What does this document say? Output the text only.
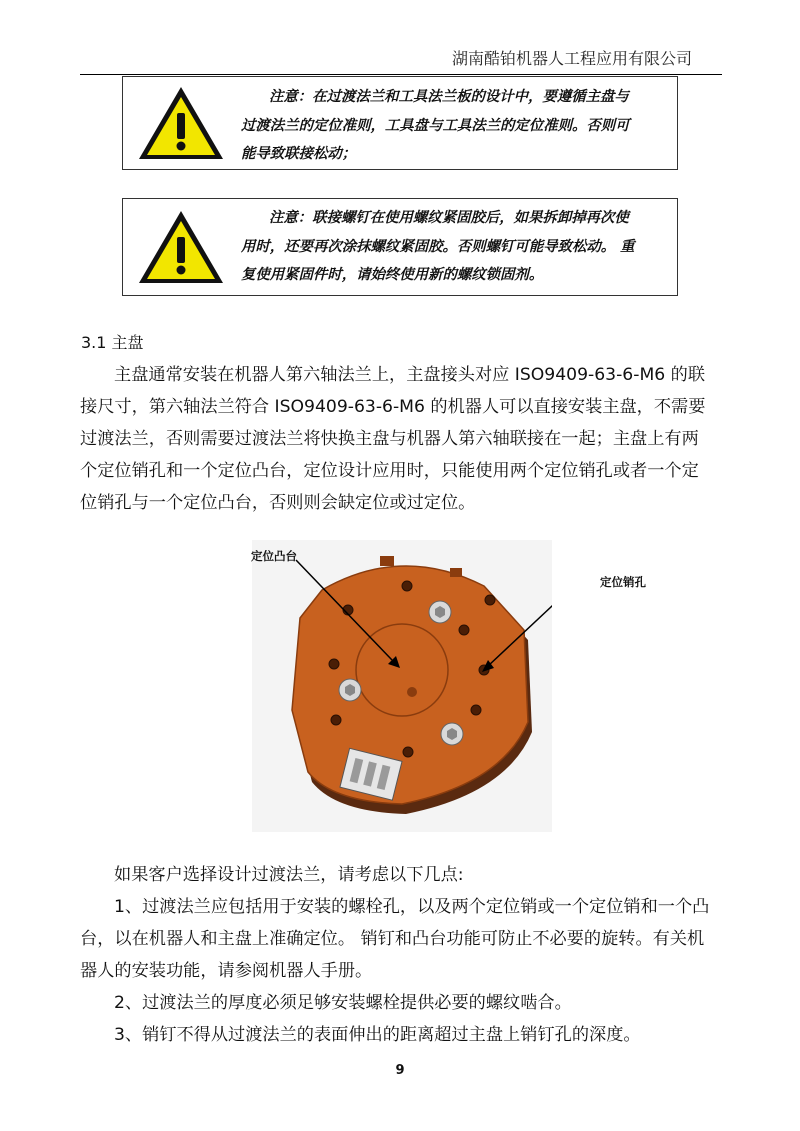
湖南酷铂机器人工程应用有限公司
注意：在过渡法兰和工具法兰板的设计中，要遵循主盘与
过渡法兰的定位准则，工具盘与工具法兰的定位准则。否则可
能导致联接松动；
注意：联接螺钉在使用螺纹紧固胶后，如果拆卸掉再次使
用时，还要再次涂抹螺纹紧固胶。否则螺钉可能导致松动。 重
复使用紧固件时，请始终使用新的螺纹锁固剂。
3.1 主盘
主盘通常安装在机器人第六轴法兰上，主盘接头对应 ISO9409-63-6-M6 的联
接尺寸，第六轴法兰符合 ISO9409-63-6-M6 的机器人可以直接安装主盘，不需要
过渡法兰，否则需要过渡法兰将快换主盘与机器人第六轴联接在一起；主盘上有两
个定位销孔和一个定位凸台，定位设计应用时，只能使用两个定位销孔或者一个定
位销孔与一个定位凸台，否则则会缺定位或过定位。
定位凸台
定位销孔
如果客户选择设计过渡法兰，请考虑以下几点:
1、过渡法兰应包括用于安装的螺栓孔，以及两个定位销或一个定位销和一个凸
台，以在机器人和主盘上准确定位。 销钉和凸台功能可防止不必要的旋转。有关机
器人的安装功能，请参阅机器人手册。
2、过渡法兰的厚度必须足够安装螺栓提供必要的螺纹啮合。
3、销钉不得从过渡法兰的表面伸出的距离超过主盘上销钉孔的深度。
9
